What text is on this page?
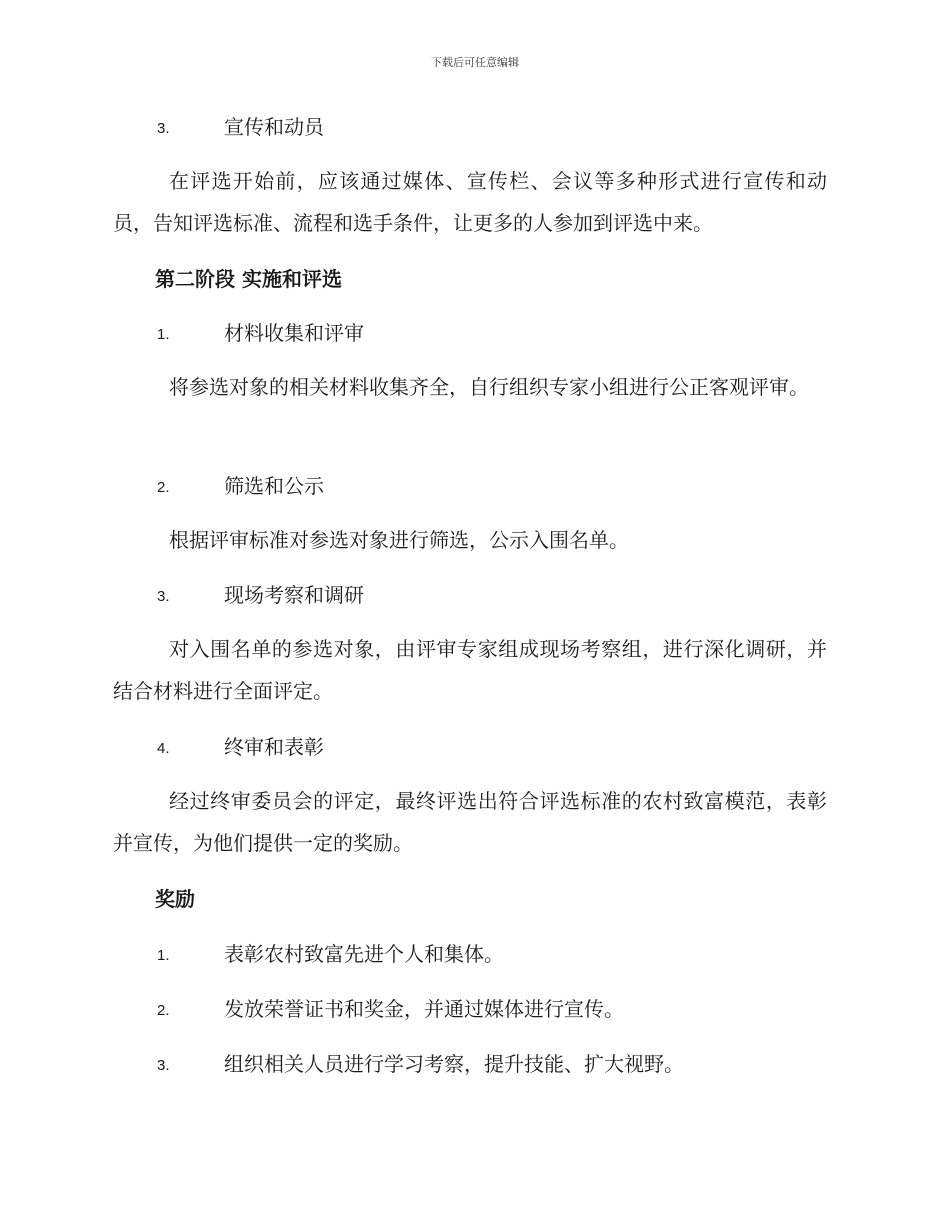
下载后可任意编辑
3.	宣传和动员
在评选开始前，应该通过媒体、宣传栏、会议等多种形式进行宣传和动员，告知评选标准、流程和选手条件，让更多的人参加到评选中来。
第二阶段 实施和评选
1.	材料收集和评审
将参选对象的相关材料收集齐全，自行组织专家小组进行公正客观评审。
2.	筛选和公示
根据评审标准对参选对象进行筛选，公示入围名单。
3.	现场考察和调研
对入围名单的参选对象，由评审专家组成现场考察组，进行深化调研，并结合材料进行全面评定。
4.	终审和表彰
经过终审委员会的评定，最终评选出符合评选标准的农村致富模范，表彰并宣传，为他们提供一定的奖励。
奖励
1.	表彰农村致富先进个人和集体。
2.	发放荣誉证书和奖金，并通过媒体进行宣传。
3.	组织相关人员进行学习考察，提升技能、扩大视野。
